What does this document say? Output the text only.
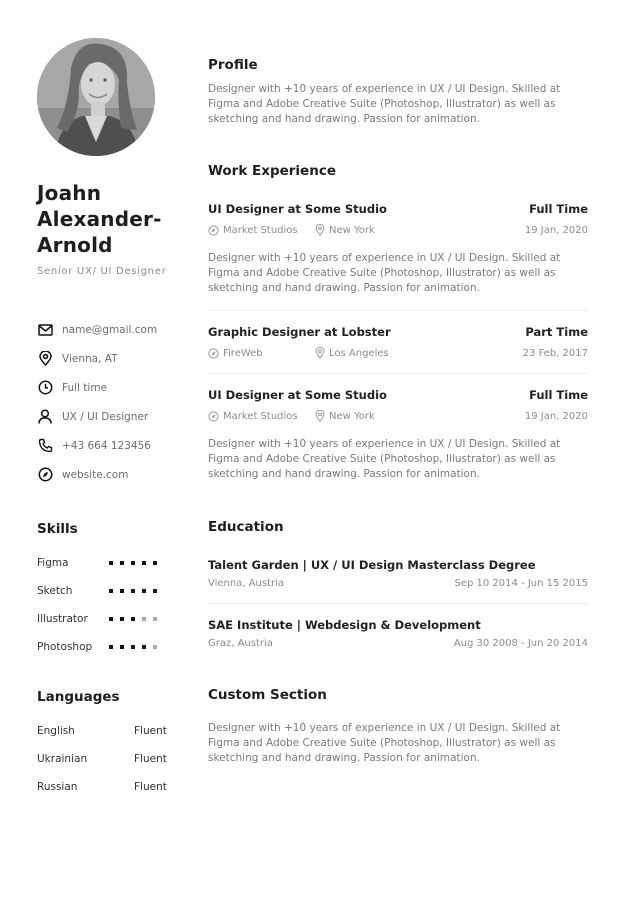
Joahn
Alexander-
Arnold
Senior UX/ UI Designer
name@gmail.com
Vienna, AT
Full time
UX / UI Designer
+43 664 123456
website.com
Skills
Figma
Sketch
Illustrator
Photoshop
Languages
English	Fluent
Ukrainian	Fluent
Russian	Fluent
Profile
Designer with +10 years of experience in UX / UI Design. Skilled at Figma and Adobe Creative Suite (Photoshop, Illustrator) as well as sketching and hand drawing. Passion for animation.
Work Experience
UI Designer at Some Studio	Full Time
Market Studios	New York	19 Jan, 2020
Designer with +10 years of experience in UX / UI Design. Skilled at Figma and Adobe Creative Suite (Photoshop, Illustrator) as well as sketching and hand drawing. Passion for animation.
Graphic Designer at Lobster	Part Time
FireWeb	Los Angeles	23 Feb, 2017
UI Designer at Some Studio	Full Time
Market Studios	New York	19 Jan, 2020
Designer with +10 years of experience in UX / UI Design. Skilled at Figma and Adobe Creative Suite (Photoshop, Illustrator) as well as sketching and hand drawing. Passion for animation.
Education
Talent Garden | UX / UI Design Masterclass Degree
Vienna, Austria	Sep 10 2014 - Jun 15 2015
SAE Institute | Webdesign & Development
Graz, Austria	Aug 30 2008 - Jun 20 2014
Custom Section
Designer with +10 years of experience in UX / UI Design. Skilled at Figma and Adobe Creative Suite (Photoshop, Illustrator) as well as sketching and hand drawing. Passion for animation.
